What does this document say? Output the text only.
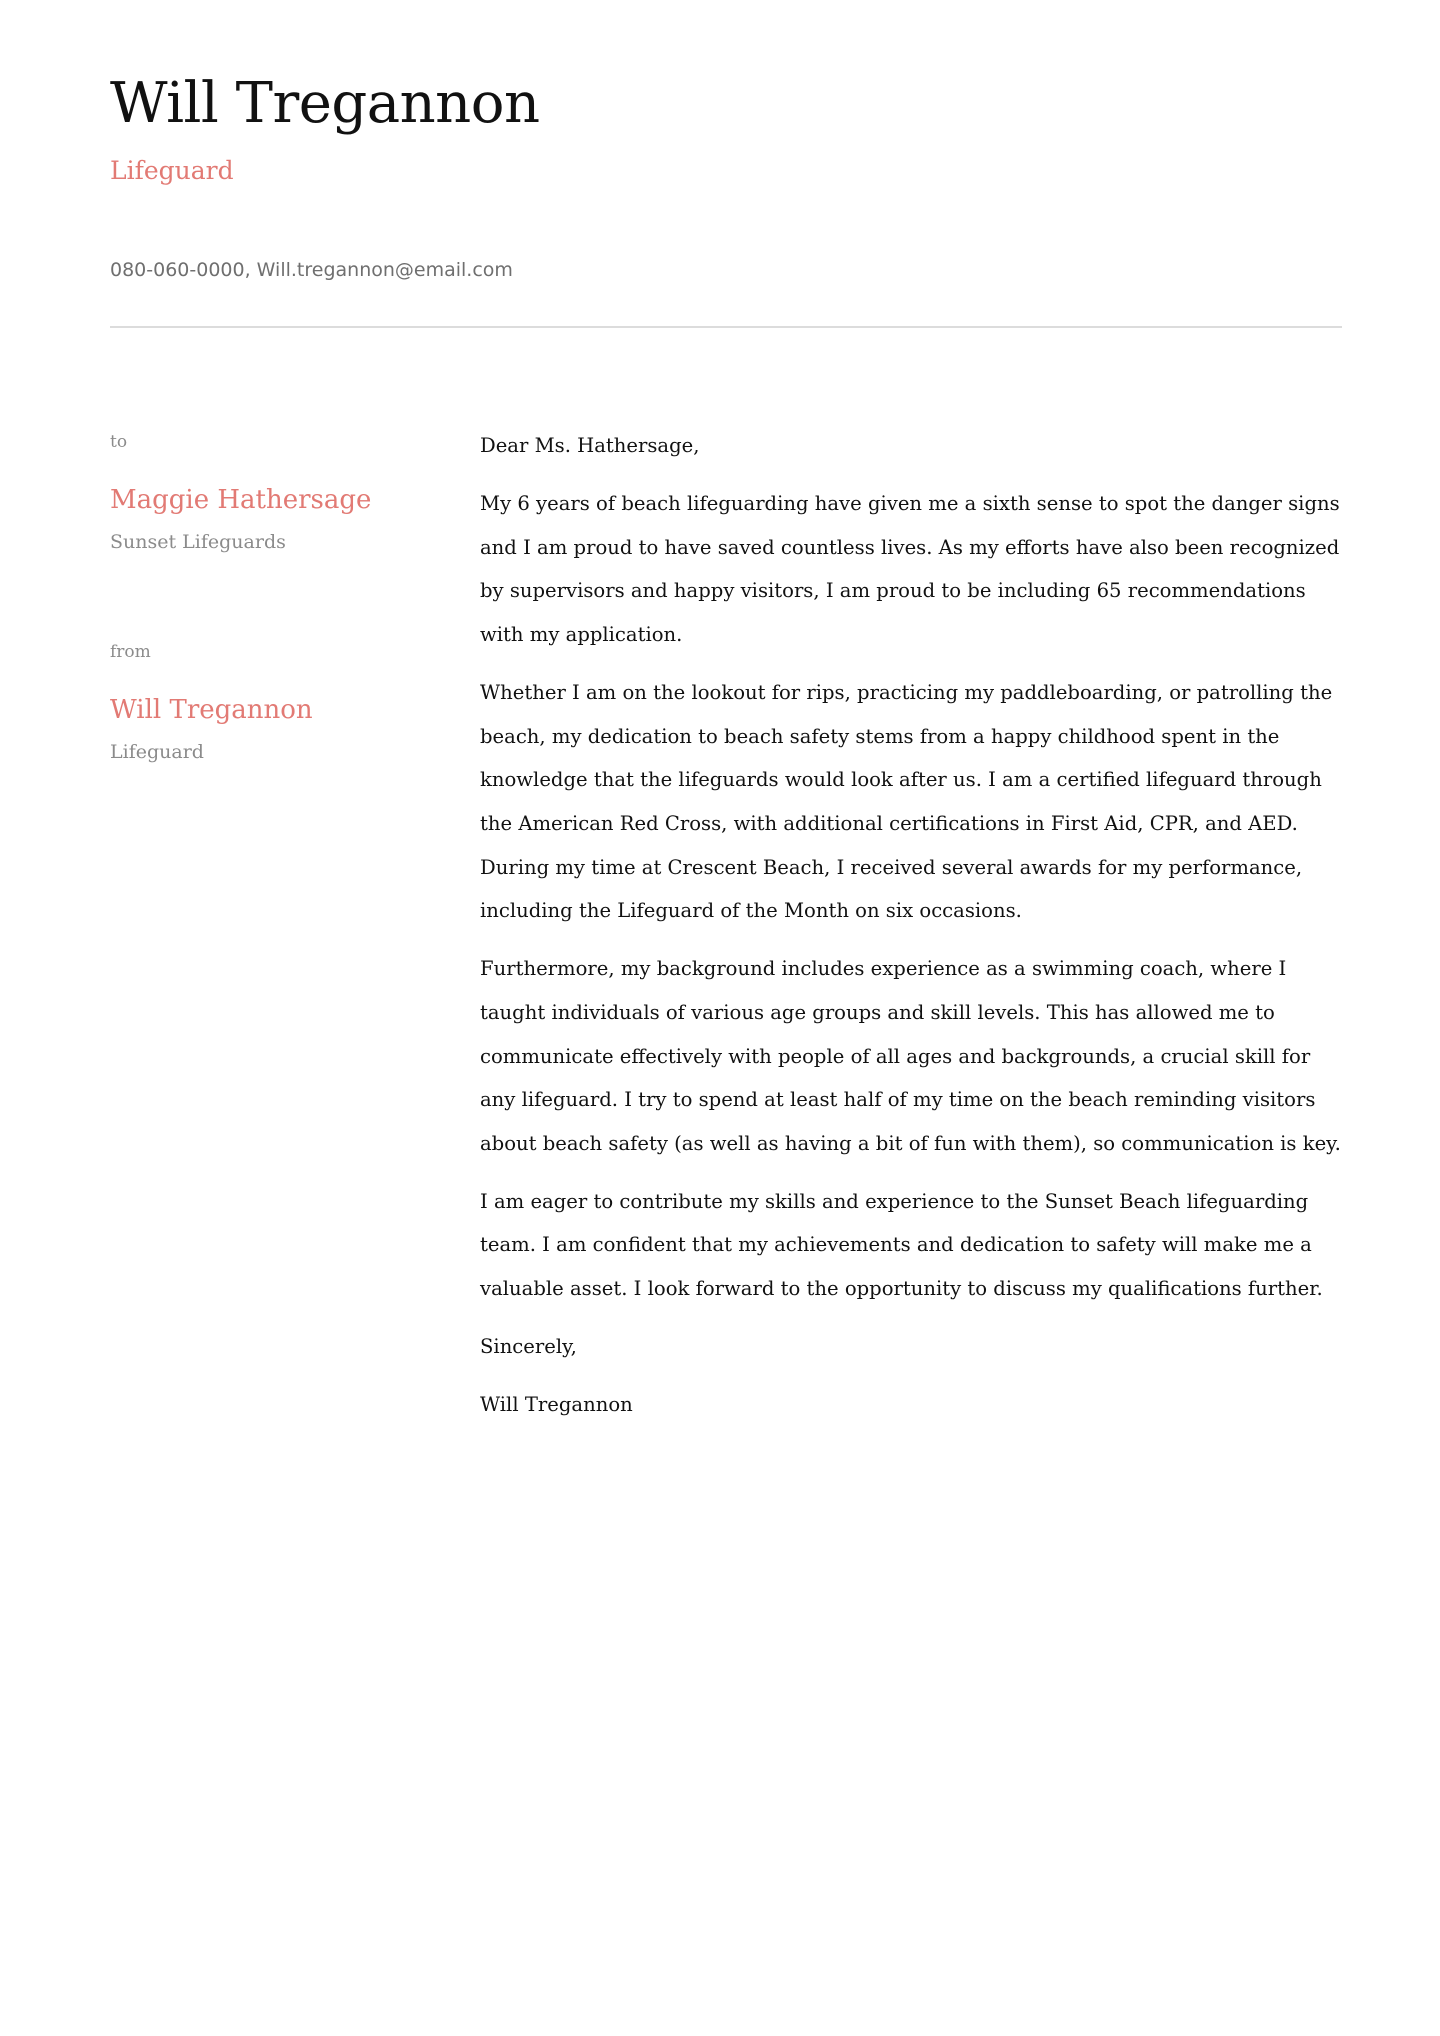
Will Tregannon
Lifeguard
080-060-0000, Will.tregannon@email.com
to
Maggie Hathersage
Sunset Lifeguards
from
Will Tregannon
Lifeguard

Dear Ms. Hathersage,

My 6 years of beach lifeguarding have given me a sixth sense to spot the danger signs and I am proud to have saved countless lives. As my efforts have also been recognized by supervisors and happy visitors, I am proud to be including 65 recommendations with my application.

Whether I am on the lookout for rips, practicing my paddleboarding, or patrolling the beach, my dedication to beach safety stems from a happy childhood spent in the knowledge that the lifeguards would look after us. I am a certified lifeguard through the American Red Cross, with additional certifications in First Aid, CPR, and AED. During my time at Crescent Beach, I received several awards for my performance, including the Lifeguard of the Month on six occasions.

Furthermore, my background includes experience as a swimming coach, where I taught individuals of various age groups and skill levels. This has allowed me to communicate effectively with people of all ages and backgrounds, a crucial skill for any lifeguard. I try to spend at least half of my time on the beach reminding visitors about beach safety (as well as having a bit of fun with them), so communication is key.

I am eager to contribute my skills and experience to the Sunset Beach lifeguarding team. I am confident that my achievements and dedication to safety will make me a valuable asset. I look forward to the opportunity to discuss my qualifications further.

Sincerely,

Will Tregannon
